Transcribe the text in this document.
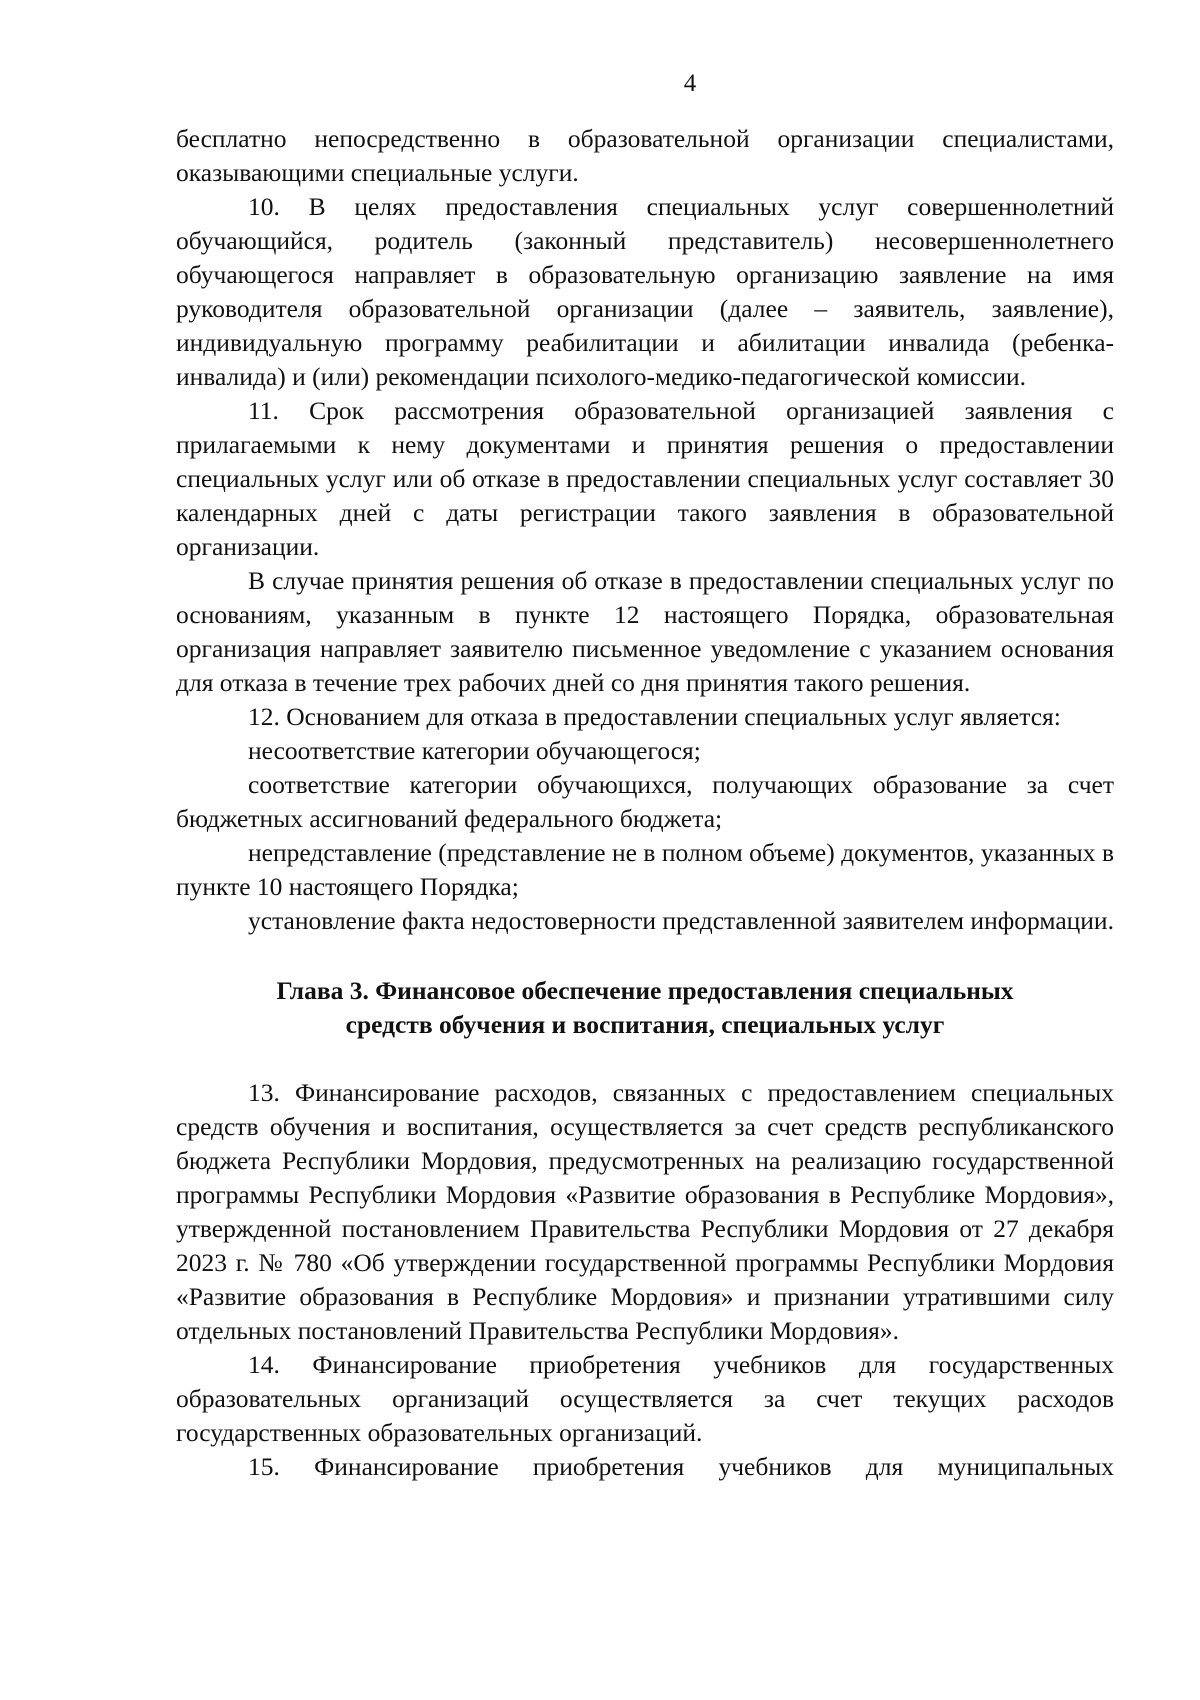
4

бесплатно непосредственно в образовательной организации специалистами, оказывающими специальные услуги.

10. В целях предоставления специальных услуг совершеннолетний обучающийся, родитель (законный представитель) несовершеннолетнего обучающегося направляет в образовательную организацию заявление на имя руководителя образовательной организации (далее – заявитель, заявление), индивидуальную программу реабилитации и абилитации инвалида (ребенка-инвалида) и (или) рекомендации психолого-медико-педагогической комиссии.

11. Срок рассмотрения образовательной организацией заявления с прилагаемыми к нему документами и принятия решения о предоставлении специальных услуг или об отказе в предоставлении специальных услуг составляет 30 календарных дней с даты регистрации такого заявления в образовательной организации.

В случае принятия решения об отказе в предоставлении специальных услуг по основаниям, указанным в пункте 12 настоящего Порядка, образовательная организация направляет заявителю письменное уведомление с указанием основания для отказа в течение трех рабочих дней со дня принятия такого решения.

12. Основанием для отказа в предоставлении специальных услуг является:

несоответствие категории обучающегося;

соответствие категории обучающихся, получающих образование за счет бюджетных ассигнований федерального бюджета;

непредставление (представление не в полном объеме) документов, указанных в пункте 10 настоящего Порядка;

установление факта недостоверности представленной заявителем информации.

Глава 3. Финансовое обеспечение предоставления специальных
средств обучения и воспитания, специальных услуг

13. Финансирование расходов, связанных с предоставлением специальных средств обучения и воспитания, осуществляется за счет средств республиканского бюджета Республики Мордовия, предусмотренных на реализацию государственной программы Республики Мордовия «Развитие образования в Республике Мордовия», утвержденной постановлением Правительства Республики Мордовия от 27 декабря 2023 г. № 780 «Об утверждении государственной программы Республики Мордовия «Развитие образования в Республике Мордовия» и признании утратившими силу отдельных постановлений Правительства Республики Мордовия».

14. Финансирование приобретения учебников для государственных образовательных организаций осуществляется за счет текущих расходов государственных образовательных организаций.

15. Финансирование приобретения учебников для муниципальных
